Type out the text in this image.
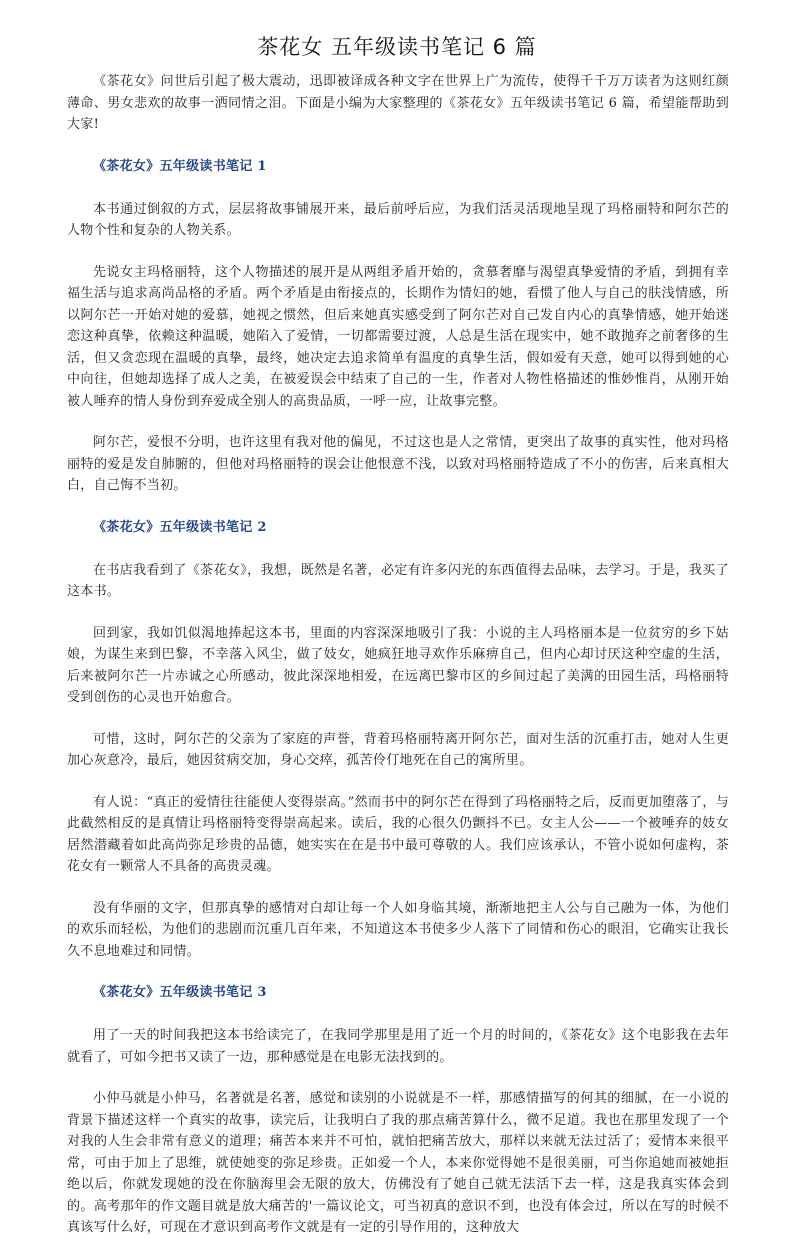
茶花女 五年级读书笔记 6 篇

《茶花女》问世后引起了极大震动，迅即被译成各种文字在世界上广为流传，使得千千万万读者为这则红颜薄命、男女悲欢的故事一洒同情之泪。下面是小编为大家整理的《茶花女》五年级读书笔记 6 篇，希望能帮助到大家!

《茶花女》五年级读书笔记 1

本书通过倒叙的方式，层层将故事铺展开来，最后前呼后应，为我们活灵活现地呈现了玛格丽特和阿尔芒的人物个性和复杂的人物关系。

先说女主玛格丽特，这个人物描述的展开是从两组矛盾开始的，贪慕奢靡与渴望真挚爱情的矛盾，到拥有幸福生活与追求高尚品格的矛盾。两个矛盾是由衔接点的，长期作为情妇的她，看惯了他人与自己的肤浅情感，所以阿尔芒一开始对她的爱慕，她视之惯然，但后来她真实感受到了阿尔芒对自己发自内心的真挚情感，她开始迷恋这种真挚，依赖这种温暖，她陷入了爱情，一切都需要过渡，人总是生活在现实中，她不敢抛弃之前奢侈的生活，但又贪恋现在温暖的真挚，最终，她决定去追求简单有温度的真挚生活，假如爱有天意，她可以得到她的心中向往，但她却选择了成人之美，在被爱误会中结束了自己的一生，作者对人物性格描述的惟妙惟肖，从刚开始被人唾弃的情人身份到弃爱成全别人的高贵品质，一呼一应，让故事完整。

阿尔芒，爱恨不分明，也许这里有我对他的偏见，不过这也是人之常情，更突出了故事的真实性，他对玛格丽特的爱是发自肺腑的，但他对玛格丽特的误会让他恨意不浅，以致对玛格丽特造成了不小的伤害，后来真相大白，自己悔不当初。

《茶花女》五年级读书笔记 2

在书店我看到了《茶花女》，我想，既然是名著，必定有许多闪光的东西值得去品味，去学习。于是，我买了这本书。

回到家，我如饥似渴地捧起这本书，里面的内容深深地吸引了我：小说的主人玛格丽本是一位贫穷的乡下姑娘，为谋生来到巴黎，不幸落入风尘，做了妓女，她疯狂地寻欢作乐麻痹自己，但内心却讨厌这种空虚的生活，后来被阿尔芒一片赤诚之心所感动，彼此深深地相爱，在远离巴黎市区的乡间过起了美满的田园生活，玛格丽特受到创伤的心灵也开始愈合。

可惜，这时，阿尔芒的父亲为了家庭的声誉，背着玛格丽特离开阿尔芒，面对生活的沉重打击，她对人生更加心灰意冷，最后，她因贫病交加，身心交瘁，孤苦伶仃地死在自己的寓所里。

有人说：“真正的爱情往往能使人变得崇高。”然而书中的阿尔芒在得到了玛格丽特之后，反而更加堕落了，与此截然相反的是真情让玛格丽特变得崇高起来。读后，我的心很久仍颤抖不已。女主人公——一个被唾弃的妓女居然潜藏着如此高尚弥足珍贵的品德，她实实在在是书中最可尊敬的人。我们应该承认，不管小说如何虚构，茶花女有一颗常人不具备的高贵灵魂。

没有华丽的文字，但那真挚的感情对白却让每一个人如身临其境，渐渐地把主人公与自己融为一体，为他们的欢乐而轻松，为他们的悲剧而沉重几百年来，不知道这本书使多少人落下了同情和伤心的眼泪，它确实让我长久不息地难过和同情。

《茶花女》五年级读书笔记 3

用了一天的时间我把这本书给读完了，在我同学那里是用了近一个月的时间的，《茶花女》这个电影我在去年就看了，可如今把书又读了一边，那种感觉是在电影无法找到的。

小仲马就是小仲马，名著就是名著，感觉和读别的小说就是不一样，那感情描写的何其的细腻，在一小说的背景下描述这样一个真实的故事，读完后，让我明白了我的那点痛苦算什么，微不足道。我也在那里发现了一个对我的人生会非常有意义的道理；痛苦本来并不可怕，就怕把痛苦放大，那样以来就无法过活了；爱情本来很平常，可由于加上了思维，就使她变的弥足珍贵。正如爱一个人，本来你觉得她不是很美丽，可当你追她而被她拒绝以后，你就发现她的没在你脑海里会无限的放大，仿佛没有了她自己就无法活下去一样，这是我真实体会到的。高考那年的作文题目就是放大痛苦的'一篇议论文，可当初真的意识不到，也没有体会过，所以在写的时候不真该写什么好，可现在才意识到高考作文就是有一定的引导作用的，这种放大
